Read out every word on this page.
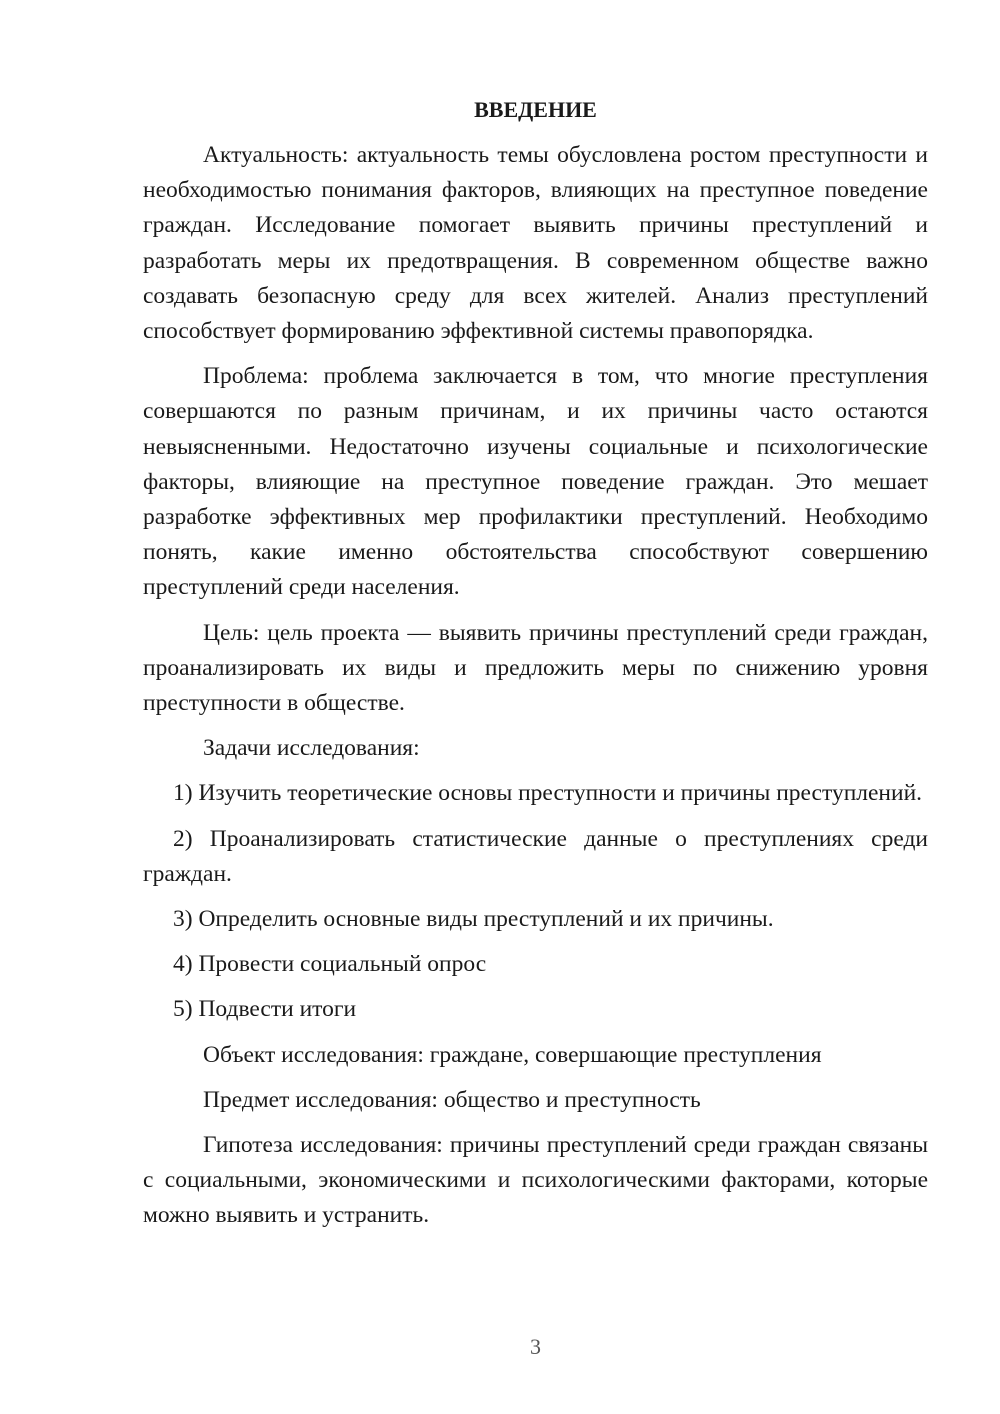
ВВЕДЕНИЕ

Актуальность: актуальность темы обусловлена ростом преступности и необходимостью понимания факторов, влияющих на преступное поведение граждан. Исследование помогает выявить причины преступлений и разработать меры их предотвращения. В современном обществе важно создавать безопасную среду для всех жителей. Анализ преступлений способствует формированию эффективной системы правопорядка.

Проблема: проблема заключается в том, что многие преступления совершаются по разным причинам, и их причины часто остаются невыясненными. Недостаточно изучены социальные и психологические факторы, влияющие на преступное поведение граждан. Это мешает разработке эффективных мер профилактики преступлений. Необходимо понять, какие именно обстоятельства способствуют совершению преступлений среди населения.

Цель: цель проекта — выявить причины преступлений среди граждан, проанализировать их виды и предложить меры по снижению уровня преступности в обществе.

Задачи исследования:

1) Изучить теоретические основы преступности и причины преступлений.

2) Проанализировать статистические данные о преступлениях среди граждан.

3) Определить основные виды преступлений и их причины.

4) Провести социальный опрос

5) Подвести итоги

Объект исследования: граждане, совершающие преступления

Предмет исследования: общество и преступность

Гипотеза исследования: причины преступлений среди граждан связаны с социальными, экономическими и психологическими факторами, которые можно выявить и устранить.

3
